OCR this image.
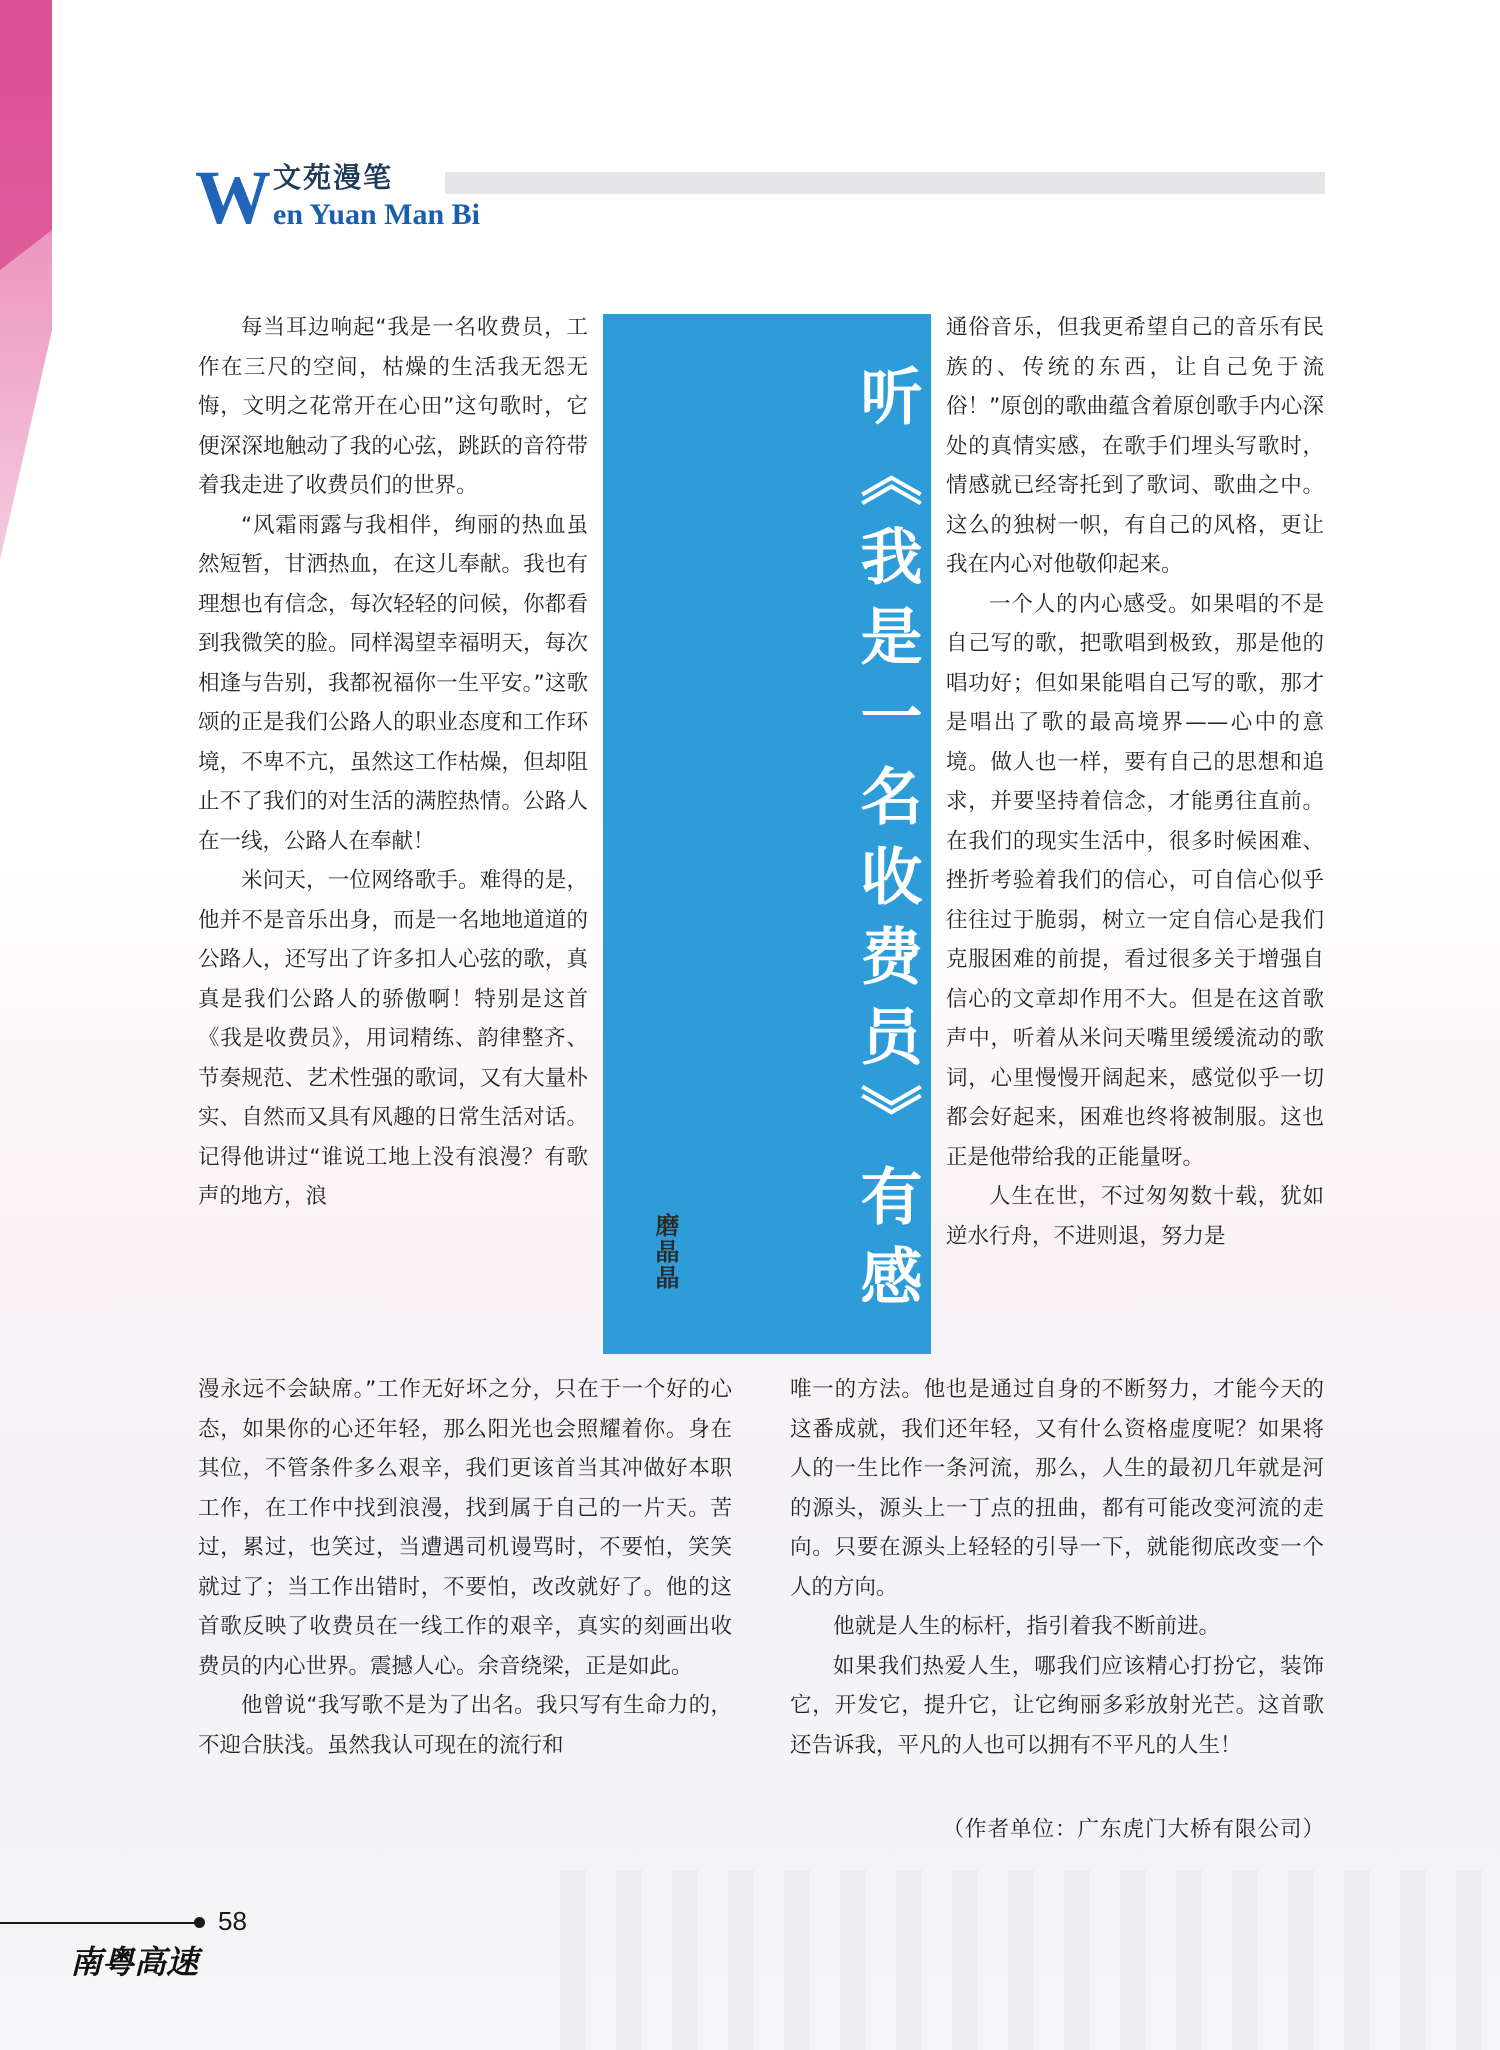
W 文苑漫笔
en Yuan Man Bi

每当耳边响起“我是一名收费员，工作在三尺的空间，枯燥的生活我无怨无悔，文明之花常开在心田”这句歌时，它便深深地触动了我的心弦，跳跃的音符带着我走进了收费员们的世界。

“风霜雨露与我相伴，绚丽的热血虽然短暂，甘洒热血，在这儿奉献。我也有理想也有信念，每次轻轻的问候，你都看到我微笑的脸。同样渴望幸福明天，每次相逢与告别，我都祝福你一生平安。”这歌颂的正是我们公路人的职业态度和工作环境，不卑不亢，虽然这工作枯燥，但却阻止不了我们的对生活的满腔热情。公路人在一线，公路人在奉献！

米问天，一位网络歌手。难得的是，他并不是音乐出身，而是一名地地道道的公路人，还写出了许多扣人心弦的歌，真真是我们公路人的骄傲啊！特别是这首《我是收费员》，用词精练、韵律整齐、节奏规范、艺术性强的歌词，又有大量朴实、自然而又具有风趣的日常生活对话。记得他讲过“谁说工地上没有浪漫？有歌声的地方，浪	听《我是一名收费员》有感
磨晶晶

通俗音乐，但我更希望自己的音乐有民族的、传统的东西，让自己免于流俗！”原创的歌曲蕴含着原创歌手内心深处的真情实感，在歌手们埋头写歌时，情感就已经寄托到了歌词、歌曲之中。这么的独树一帜，有自己的风格，更让我在内心对他敬仰起来。

一个人的内心感受。如果唱的不是自己写的歌，把歌唱到极致，那是他的唱功好；但如果能唱自己写的歌，那才是唱出了歌的最高境界——心中的意境。做人也一样，要有自己的思想和追求，并要坚持着信念，才能勇往直前。在我们的现实生活中，很多时候困难、挫折考验着我们的信心，可自信心似乎往往过于脆弱，树立一定自信心是我们克服困难的前提，看过很多关于增强自信心的文章却作用不大。但是在这首歌声中，听着从米问天嘴里缓缓流动的歌词，心里慢慢开阔起来，感觉似乎一切都会好起来，困难也终将被制服。这也正是他带给我的正能量呀。

人生在世，不过匆匆数十载，犹如逆水行舟，不进则退，努力是

漫永远不会缺席。”工作无好坏之分，只在于一个好的心态，如果你的心还年轻，那么阳光也会照耀着你。身在其位，不管条件多么艰辛，我们更该首当其冲做好本职工作，在工作中找到浪漫，找到属于自己的一片天。苦过，累过，也笑过，当遭遇司机谩骂时，不要怕，笑笑就过了；当工作出错时，不要怕，改改就好了。他的这首歌反映了收费员在一线工作的艰辛，真实的刻画出收费员的内心世界。震撼人心。余音绕梁，正是如此。

他曾说“我写歌不是为了出名。我只写有生命力的，不迎合肤浅。虽然我认可现在的流行和

唯一的方法。他也是通过自身的不断努力，才能今天的这番成就，我们还年轻，又有什么资格虚度呢？如果将人的一生比作一条河流，那么，人生的最初几年就是河的源头，源头上一丁点的扭曲，都有可能改变河流的走向。只要在源头上轻轻的引导一下，就能彻底改变一个人的方向。

他就是人生的标杆，指引着我不断前进。

如果我们热爱人生，哪我们应该精心打扮它，装饰它，开发它，提升它，让它绚丽多彩放射光芒。这首歌还告诉我，平凡的人也可以拥有不平凡的人生！

（作者单位：广东虎门大桥有限公司）
58
南粤高速
